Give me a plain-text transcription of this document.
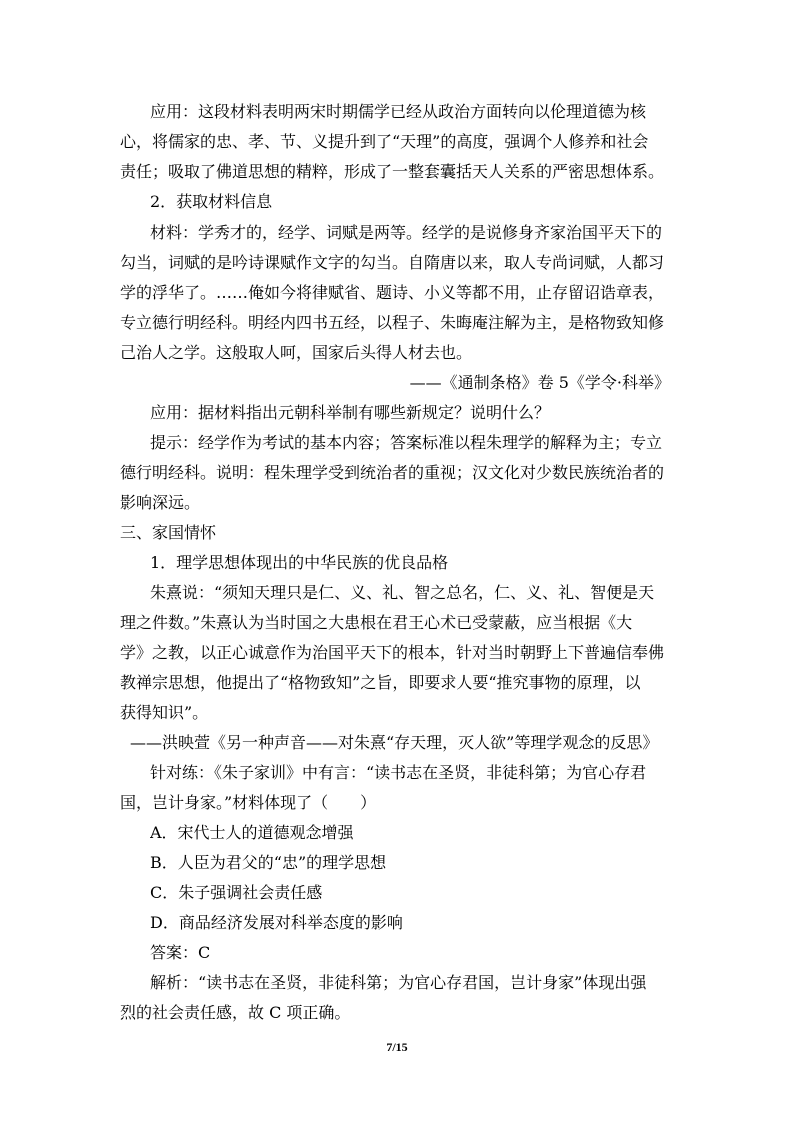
应用：这段材料表明两宋时期儒学已经从政治方面转向以伦理道德为核
心，将儒家的忠、孝、节、义提升到了“天理”的高度，强调个人修养和社会
责任；吸取了佛道思想的精粹，形成了一整套囊括天人关系的严密思想体系。
2．获取材料信息
材料：学秀才的，经学、词赋是两等。经学的是说修身齐家治国平天下的
勾当，词赋的是吟诗课赋作文字的勾当。自隋唐以来，取人专尚词赋，人都习
学的浮华了。……俺如今将律赋省、题诗、小义等都不用，止存留诏诰章表，
专立德行明经科。明经内四书五经，以程子、朱晦庵注解为主，是格物致知修
己治人之学。这般取人呵，国家后头得人材去也。
——《通制条格》卷 5《学令·科举》
应用：据材料指出元朝科举制有哪些新规定？说明什么？
提示：经学作为考试的基本内容；答案标准以程朱理学的解释为主；专立
德行明经科。说明：程朱理学受到统治者的重视；汉文化对少数民族统治者的
影响深远。
三、家国情怀
1．理学思想体现出的中华民族的优良品格
朱熹说：“须知天理只是仁、义、礼、智之总名，仁、义、礼、智便是天
理之件数。”朱熹认为当时国之大患根在君王心术已受蒙蔽，应当根据《大
学》之教，以正心诚意作为治国平天下的根本，针对当时朝野上下普遍信奉佛
教禅宗思想，他提出了“格物致知”之旨，即要求人要“推究事物的原理，以
获得知识”。
——洪映萱《另一种声音——对朱熹“存天理，灭人欲”等理学观念的反思》
针对练：《朱子家训》中有言：“读书志在圣贤，非徒科第；为官心存君
国，岂计身家。”材料体现了（　　）
A．宋代士人的道德观念增强
B．人臣为君父的“忠”的理学思想
C．朱子强调社会责任感
D．商品经济发展对科举态度的影响
答案：C
解析：“读书志在圣贤，非徒科第；为官心存君国，岂计身家”体现出强
烈的社会责任感，故 C 项正确。
7/15
